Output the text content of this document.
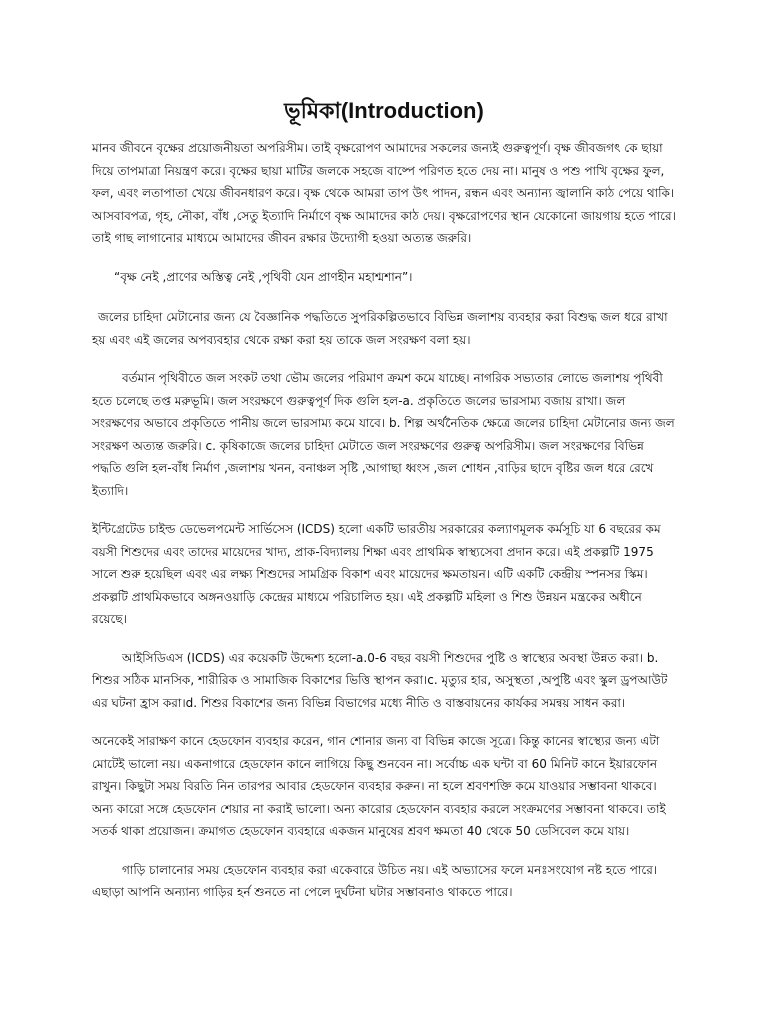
ভূমিকা(Introduction)

মানব জীবনে বৃক্ষের প্রয়োজনীয়তা অপরিসীম। তাই বৃক্ষরোপণ আমাদের সকলের জন্যই গুরুত্বপূর্ণ। বৃক্ষ জীবজগৎ কে ছায়া দিয়ে তাপমাত্রা নিয়ন্ত্রণ করে। বৃক্ষের ছায়া মাটির জলকে সহজে বাষ্পে পরিণত হতে দেয় না। মানুষ ও পশু পাখি বৃক্ষের ফুল, ফল, এবং লতাপাতা খেয়ে জীবনধারণ করে। বৃক্ষ থেকে আমরা তাপ উৎ পাদন, রন্ধন এবং অন্যান্য জ্বালানি কাঠ পেয়ে থাকি।আসবাবপত্র, গৃহ, নৌকা, বাঁধ ,সেতু ইত্যাদি নির্মাণে বৃক্ষ আমাদের কাঠ দেয়। বৃক্ষরোপণের স্থান যেকোনো জায়গায় হতে পারে। তাই গাছ লাগানোর মাধ্যমে আমাদের জীবন রক্ষার উদ্যোগী হওয়া অত্যন্ত জরুরি।

“বৃক্ষ নেই ,প্রাণের অস্তিত্ব নেই ,পৃথিবী যেন প্রাণহীন মহাশ্মশান”।

জলের চাহিদা মেটানোর জন্য যে বৈজ্ঞানিক পদ্ধতিতে সুপরিকল্পিতভাবে বিভিন্ন জলাশয় ব্যবহার করা বিশুদ্ধ জল ধরে রাখা হয় এবং এই জলের অপব্যবহার থেকে রক্ষা করা হয় তাকে জল সংরক্ষণ বলা হয়।

বর্তমান পৃথিবীতে জল সংকট তথা ভৌম জলের পরিমাণ ক্রমশ কমে যাচ্ছে। নাগরিক সভ্যতার লোভে জলাশয় পৃথিবী হতে চলেছে তপ্ত মরুভূমি। জল সংরক্ষণে গুরুত্বপূর্ণ দিক গুলি হল-a. প্রকৃতিতে জলের ভারসাম্য বজায় রাখা। জল সংরক্ষণের অভাবে প্রকৃতিতে পানীয় জলে ভারসাম্য কমে যাবে। b. শিল্প অর্থনৈতিক ক্ষেত্রে জলের চাহিদা মেটানোর জন্য জল সংরক্ষণ অত্যন্ত জরুরি। c. কৃষিকাজে জলের চাহিদা মেটাতে জল সংরক্ষণের গুরুত্ব অপরিসীম। জল সংরক্ষণের বিভিন্ন পদ্ধতি গুলি হল-বাঁধ নির্মাণ ,জলাশয় খনন, বনাঞ্চল সৃষ্টি ,আগাছা ধ্বংস ,জল শোধন ,বাড়ির ছাদে বৃষ্টির জল ধরে রেখে ইত্যাদি।

ইন্টিগ্রেটেড চাইল্ড ডেভেলপমেন্ট সার্ভিসেস (ICDS) হলো একটি ভারতীয় সরকারের কল্যাণমূলক কর্মসূচি যা 6 বছরের কম বয়সী শিশুদের এবং তাদের মায়েদের খাদ্য, প্রাক-বিদ্যালয় শিক্ষা এবং প্রাথমিক স্বাস্থ্যসেবা প্রদান করে। এই প্রকল্পটি 1975 সালে শুরু হয়েছিল এবং এর লক্ষ্য শিশুদের সামগ্রিক বিকাশ এবং মায়েদের ক্ষমতায়ন। এটি একটি কেন্দ্রীয় স্পনসর স্কিম। প্রকল্পটি প্রাথমিকভাবে অঙ্গনওয়াড়ি কেন্দ্রের মাধ্যমে পরিচালিত হয়। এই প্রকল্পটি মহিলা ও শিশু উন্নয়ন মন্ত্রকের অধীনে রয়েছে।

আইসিডিএস (ICDS) এর কয়েকটি উদ্দেশ্য হলো-a.0-6 বছর বয়সী শিশুদের পুষ্টি ও স্বাস্থ্যের অবস্থা উন্নত করা। b. শিশুর সঠিক মানসিক, শারীরিক ও সামাজিক বিকাশের ভিত্তি স্থাপন করা।c. মৃত্যুর হার, অসুস্থতা ,অপুষ্টি এবং স্কুল ড্রপআউট এর ঘটনা হ্রাস করা।d. শিশুর বিকাশের জন্য বিভিন্ন বিভাগের মধ্যে নীতি ও বাস্তবায়নের কার্যকর সমন্বয় সাধন করা।

অনেকেই সারাক্ষণ কানে হেডফোন ব্যবহার করেন, গান শোনার জন্য বা বিভিন্ন কাজে সূত্রে। কিন্তু কানের স্বাস্থ্যের জন্য এটা মোটেই ভালো নয়। একনাগারে হেডফোন কানে লাগিয়ে কিছু শুনবেন না। সর্বোচ্চ এক ঘন্টা বা 60 মিনিট কানে ইয়ারফোন রাখুন। কিছুটা সময় বিরতি নিন তারপর আবার হেডফোন ব্যবহার করুন। না হলে শ্রবণশক্তি কমে যাওয়ার সম্ভাবনা থাকবে। অন্য কারো সঙ্গে হেডফোন শেয়ার না করাই ভালো। অন্য কারোর হেডফোন ব্যবহার করলে সংক্রমণের সম্ভাবনা থাকবে। তাই সতর্ক থাকা প্রয়োজন। ক্রমাগত হেডফোন ব্যবহারে একজন মানুষের শ্রবণ ক্ষমতা 40 থেকে 50 ডেসিবেল কমে যায়।

গাড়ি চালানোর সময় হেডফোন ব্যবহার করা একেবারে উচিত নয়। এই অভ্যাসের ফলে মনঃসংযোগ নষ্ট হতে পারে। এছাড়া আপনি অন্যান্য গাড়ির হর্ন শুনতে না পেলে দুর্ঘটনা ঘটার সম্ভাবনাও থাকতে পারে।
